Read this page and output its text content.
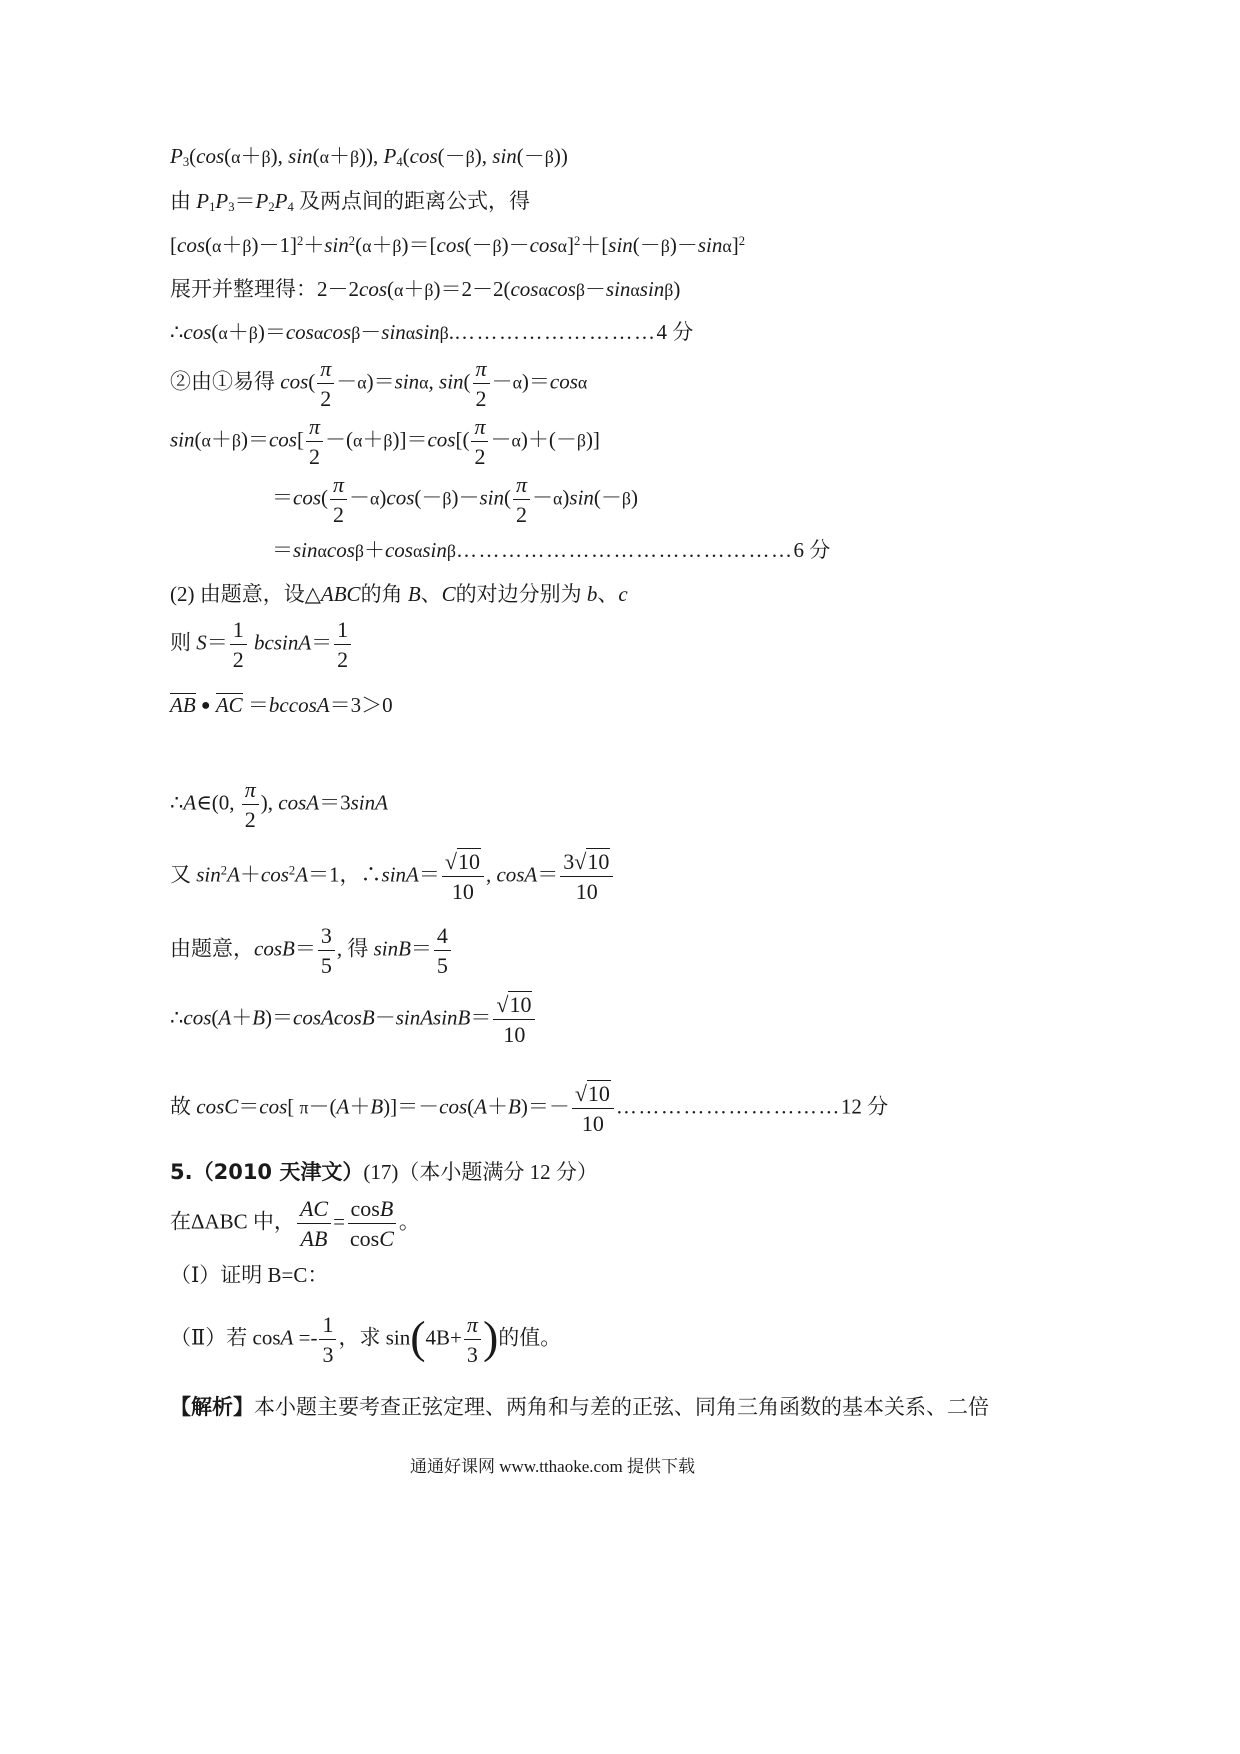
$P_3(\cos(\alpha+\beta)$, sin(α＋β)), $P_4(\cos(-\beta)$, sin(－β))
由 $P_1P_3=P_2P_4$ 及两点间的距离公式，得
$[\cos(\alpha+\beta)-1]^2+\sin^2(\alpha+\beta)=[\cos(-\beta)-\cos\alpha]^2+[\sin(-\beta)-\sin\alpha]^2$
展开并整理得：2－2cos(α＋β)＝2－2(cosαcosβ－sinαsinβ)
∴cos(α＋β)＝cosαcosβ－sinαsinβ.………………………4 分
②由①易得 $\cos( \frac{\pi}{2} -\alpha)=\sin\alpha$, $\sin( \frac{\pi}{2} -\alpha)=\cos\alpha$
$\sin(\alpha+\beta)=\cos[ \frac{\pi}{2} -(\alpha+\beta)]=\cos[( \frac{\pi}{2} -\alpha)+(-\beta)]$
$=\cos( \frac{\pi}{2} -\alpha)\cos(-\beta)-\sin( \frac{\pi}{2} -\alpha)\sin(-\beta)$
＝sinαcosβ＋cosαsinβ………………………………………6 分
(2) 由题意，设△ABC的角 B、C的对边分别为 b、c
则 $S= \frac{1}{2} bcsinA= \frac{1}{2}$
AB ● AC ＝bccosA＝3＞0
∴A∈(0, $\frac{\pi}{2}$ ), cosA＝3sinA
又 $\sin^2A+\cos^2A=1$，∴sinA＝ $\frac{√10}{10}$ , $\cos A= \frac{3√10}{10}$
由题意，$\cos B= \frac{3}{5}$ , 得 $\sin B= \frac{4}{5}$
∴cos(A＋B)＝cosAcosB－sinAsinB＝ $\frac{√10}{10}$
故 cosC＝cos[ $\pi-(A+B)]=-\cos(A+B)=- \frac{√10}{10}$ …………………………12 分
5.（2010 天津文）(17)（本小题满分 12 分）
在ΔABC 中， $\frac{AC}{AB} = \frac{\cos B}{\cos C}$ 。
（Ⅰ）证明 B=C：
（Ⅱ）若 $\cos A =- \frac{1}{3}$ ，求 $\sin(4B+ \frac{\pi}{3}$ )的值。
【解析】本小题主要考查正弦定理、两角和与差的正弦、同角三角函数的基本关系、二倍
通通好课网 www.tthaoke.com 提供下载
